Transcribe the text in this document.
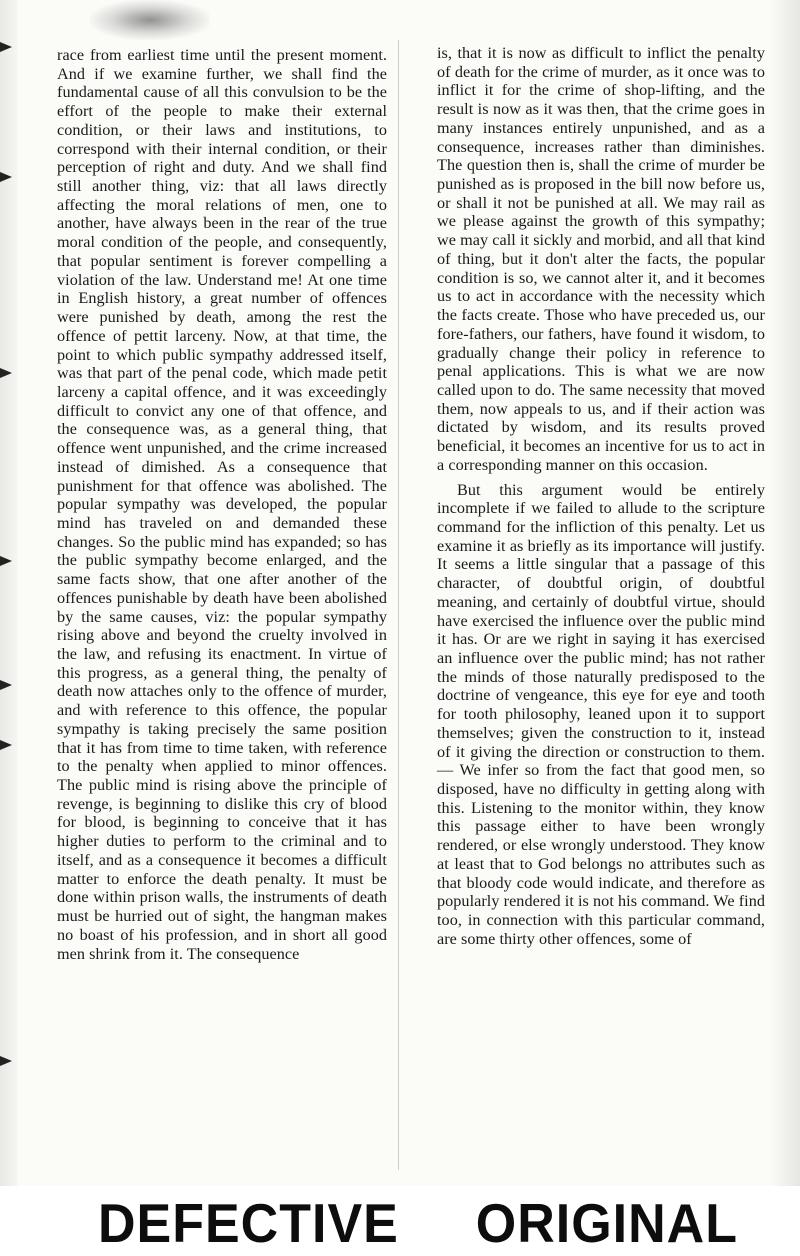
race from earliest time until the present moment. And if we examine further, we shall find the fundamental cause of all this convulsion to be the effort of the people to make their external condition, or their laws and institutions, to correspond with their internal condition, or their perception of right and duty. And we shall find still another thing, viz: that all laws directly affecting the moral relations of men, one to another, have always been in the rear of the true moral condition of the people, and consequently, that popular sentiment is forever compelling a violation of the law. Understand me! At one time in English history, a great number of offences were punished by death, among the rest the offence of pettit larceny. Now, at that time, the point to which public sympathy addressed itself, was that part of the penal code, which made petit larceny a capital offence, and it was exceedingly difficult to convict any one of that offence, and the consequence was, as a general thing, that offence went unpunished, and the crime increased instead of dimished. As a consequence that punishment for that offence was abolished. The popular sympathy was developed, the popular mind has traveled on and demanded these changes. So the public mind has expanded; so has the public sympathy become enlarged, and the same facts show, that one after another of the offences punishable by death have been abolished by the same causes, viz: the popular sympathy rising above and beyond the cruelty involved in the law, and refusing its enactment. In virtue of this progress, as a general thing, the penalty of death now attaches only to the offence of murder, and with reference to this offence, the popular sympathy is taking precisely the same position that it has from time to time taken, with reference to the penalty when applied to minor offences. The public mind is rising above the principle of revenge, is beginning to dislike this cry of blood for blood, is beginning to conceive that it has higher duties to perform to the criminal and to itself, and as a consequence it becomes a difficult matter to enforce the death penalty. It must be done within prison walls, the instruments of death must be hurried out of sight, the hangman makes no boast of his profession, and in short all good men shrink from it. The consequence

is, that it is now as difficult to inflict the penalty of death for the crime of murder, as it once was to inflict it for the crime of shop-lifting, and the result is now as it was then, that the crime goes in many instances entirely unpunished, and as a consequence, increases rather than diminishes. The question then is, shall the crime of murder be punished as is proposed in the bill now before us, or shall it not be punished at all. We may rail as we please against the growth of this sympathy; we may call it sickly and morbid, and all that kind of thing, but it don't alter the facts, the popular condition is so, we cannot alter it, and it becomes us to act in accordance with the necessity which the facts create. Those who have preceded us, our fore-fathers, our fathers, have found it wisdom, to gradually change their policy in reference to penal applications. This is what we are now called upon to do. The same necessity that moved them, now appeals to us, and if their action was dictated by wisdom, and its results proved beneficial, it becomes an incentive for us to act in a corresponding manner on this occasion.

But this argument would be entirely incomplete if we failed to allude to the scripture command for the infliction of this penalty. Let us examine it as briefly as its importance will justify. It seems a little singular that a passage of this character, of doubtful origin, of doubtful meaning, and certainly of doubtful virtue, should have exercised the influence over the public mind it has. Or are we right in saying it has exercised an influence over the public mind; has not rather the minds of those naturally predisposed to the doctrine of vengeance, this eye for eye and tooth for tooth philosophy, leaned upon it to support themselves; given the construction to it, instead of it giving the direction or construction to them.— We infer so from the fact that good men, so disposed, have no difficulty in getting along with this. Listening to the monitor within, they know this passage either to have been wrongly rendered, or else wrongly understood. They know at least that to God belongs no attributes such as that bloody code would indicate, and therefore as popularly rendered it is not his command. We find too, in connection with this particular command, are some thirty other offences, some of

DEFECTIVE ORIGINAL
